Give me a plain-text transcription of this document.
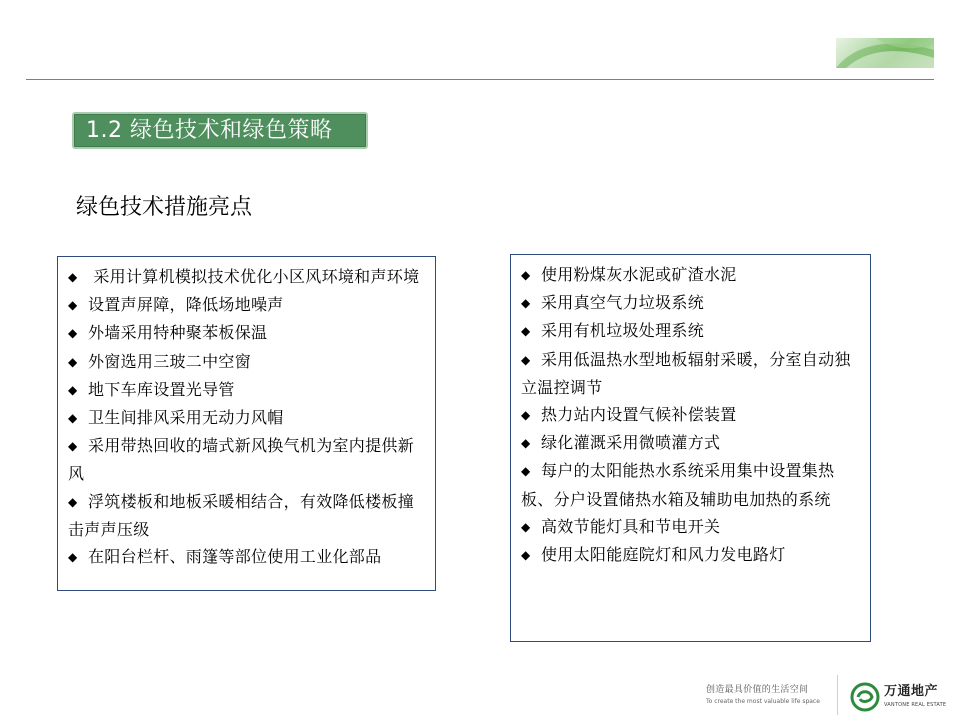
1.2 绿色技术和绿色策略
绿色技术措施亮点
◆ 采用计算机模拟技术优化小区风环境和声环境
◆ 设置声屏障，降低场地噪声
◆ 外墙采用特种聚苯板保温
◆ 外窗选用三玻二中空窗
◆ 地下车库设置光导管
◆ 卫生间排风采用无动力风帽
◆ 采用带热回收的墙式新风换气机为室内提供新风
◆ 浮筑楼板和地板采暖相结合，有效降低楼板撞击声声压级
◆ 在阳台栏杆、雨篷等部位使用工业化部品
◆ 使用粉煤灰水泥或矿渣水泥
◆ 采用真空气力垃圾系统
◆ 采用有机垃圾处理系统
◆ 采用低温热水型地板辐射采暖，分室自动独立温控调节
◆ 热力站内设置气候补偿装置
◆ 绿化灌溉采用微喷灌方式
◆ 每户的太阳能热水系统采用集中设置集热板、分户设置储热水箱及辅助电加热的系统
◆ 高效节能灯具和节电开关
◆ 使用太阳能庭院灯和风力发电路灯
创造最具价值的生活空间
To create the most valuable life space
万通地产
VANTONE REAL ESTATE
